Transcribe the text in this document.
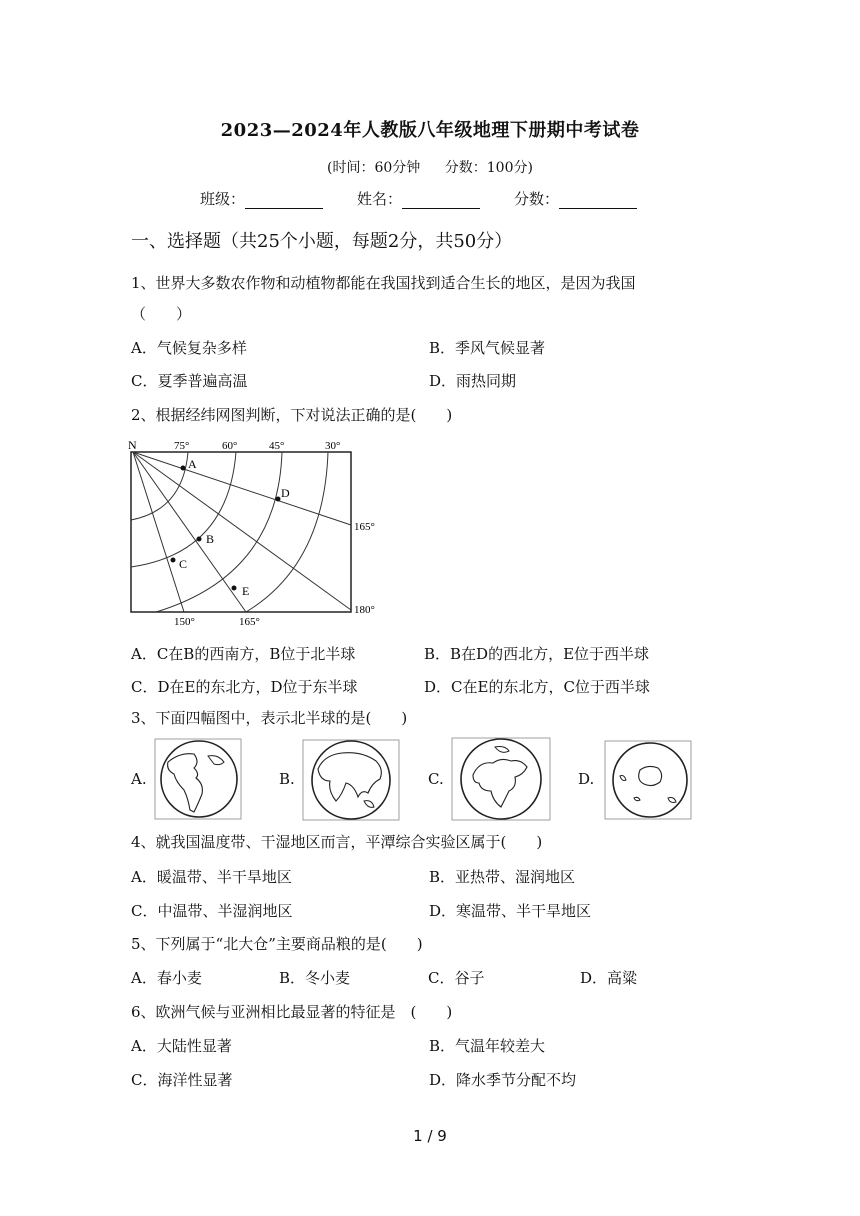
2023—2024年人教版八年级地理下册期中考试卷
(时间：60分钟 分数：100分)
班级：	姓名：	分数：
一、选择题（共25个小题，每题2分，共50分）
1、世界大多数农作物和动植物都能在我国找到适合生长的地区，是因为我国
（　　）
A．气候复杂多样	B．季风气候显著
C．夏季普遍高温	D．雨热同期
2、根据经纬网图判断，下对说法正确的是(　　)
N	75°	60°	45°	30°
165°
180°
150°	165°
A
B
C
D
E
A．C在B的西南方，B位于北半球	B．B在D的西北方，E位于西半球
C．D在E的东北方，D位于东半球	D．C在E的东北方，C位于西半球
3、下面四幅图中，表示北半球的是(　　)
A.	B.	C.	D.
4、就我国温度带、干湿地区而言，平潭综合实验区属于(　　)
A．暖温带、半干旱地区	B．亚热带、湿润地区
C．中温带、半湿润地区	D．寒温带、半干旱地区
5、下列属于“北大仓”主要商品粮的是(　　)
A．春小麦	B．冬小麦	C．谷子	D．高粱
6、欧洲气候与亚洲相比最显著的特征是　(　　)
A．大陆性显著	B．气温年较差大
C．海洋性显著	D．降水季节分配不均
1 / 9
